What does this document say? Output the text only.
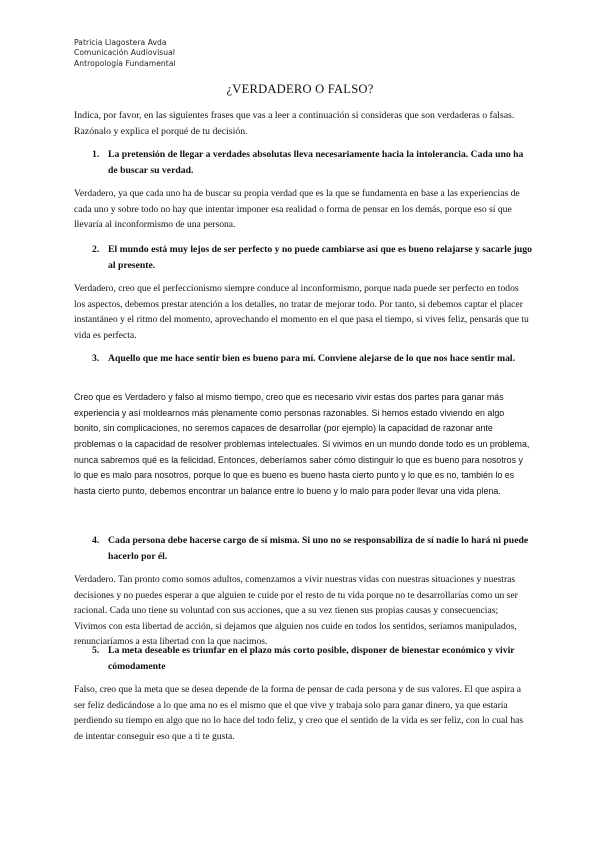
Patricia Llagostera Avda
Comunicación Audiovisual
Antropología Fundamental
¿VERDADERO O FALSO?

Indica, por favor, en las siguientes frases que vas a leer a continuación si consideras que son verdaderas o falsas. Razónalo y explica el porqué de tu decisión.

1. La pretensión de llegar a verdades absolutas lleva necesariamente hacia la intolerancia. Cada uno ha de buscar su verdad.

Verdadero, ya que cada uno ha de buscar su propia verdad que es la que se fundamenta en base a las experiencias de cada uno y sobre todo no hay que intentar imponer esa realidad o forma de pensar en los demás, porque eso sí que llevaría al inconformismo de una persona.

2. El mundo está muy lejos de ser perfecto y no puede cambiarse así que es bueno relajarse y sacarle jugo al presente.

Verdadero, creo que el perfeccionismo siempre conduce al inconformismo, porque nada puede ser perfecto en todos los aspectos, debemos prestar atención a los detalles, no tratar de mejorar todo. Por tanto, si debemos captar el placer instantáneo y el ritmo del momento, aprovechando el momento en el que pasa el tiempo, si vives feliz, pensarás que tu vida es perfecta.

3. Aquello que me hace sentir bien es bueno para mí. Conviene alejarse de lo que nos hace sentir mal.

Creo que es Verdadero y falso al mismo tiempo, creo que es necesario vivir estas dos partes para ganar más experiencia y así moldearnos más plenamente como personas razonables. Si hemos estado viviendo en algo bonito, sin complicaciones, no seremos capaces de desarrollar (por ejemplo) la capacidad de razonar ante problemas o la capacidad de resolver problemas intelectuales. Si vivimos en un mundo donde todo es un problema, nunca sabremos qué es la felicidad. Entonces, deberíamos saber cómo distinguir lo que es bueno para nosotros y lo que es malo para nosotros, porque lo que es bueno es bueno hasta cierto punto y lo que es no, también lo es hasta cierto punto, debemos encontrar un balance entre lo bueno y lo malo para poder llevar una vida plena.

4. Cada persona debe hacerse cargo de sí misma. Si uno no se responsabiliza de sí nadie lo hará ni puede hacerlo por él.

Verdadero. Tan pronto como somos adultos, comenzamos a vivir nuestras vidas con nuestras situaciones y nuestras decisiones y no puedes esperar a que alguien te cuide por el resto de tu vida porque no te desarrollarías como un ser racional. Cada uno tiene su voluntad con sus acciones, que a su vez tienen sus propias causas y consecuencias; Vivimos con esta libertad de acción, si dejamos que alguien nos cuide en todos los sentidos, seríamos manipulados, renunciaríamos a esta libertad con la que nacimos.

5. La meta deseable es triunfar en el plazo más corto posible, disponer de bienestar económico y vivir cómodamente

Falso, creo que la meta que se desea depende de la forma de pensar de cada persona y de sus valores. El que aspira a ser feliz dedicándose a lo que ama no es el mismo que el que vive y trabaja solo para ganar dinero, ya que estaría perdiendo su tiempo en algo que no lo hace del todo feliz, y creo que el sentido de la vida es ser feliz, con lo cual has de intentar conseguir eso que a ti te gusta.
